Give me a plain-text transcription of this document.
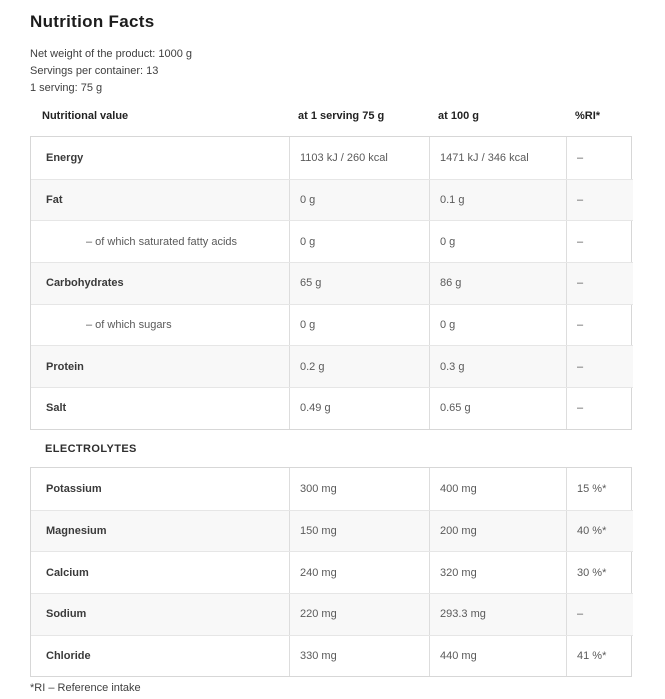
Nutrition Facts
Net weight of the product: 1000 g
Servings per container: 13
1 serving: 75 g
Nutritional value	at 1 serving 75 g	at 100 g	%RI*
Energy	1103 kJ / 260 kcal	1471 kJ / 346 kcal	–
Fat	0 g	0.1 g	–
– of which saturated fatty acids	0 g	0 g	–
Carbohydrates	65 g	86 g	–
– of which sugars	0 g	0 g	–
Protein	0.2 g	0.3 g	–
Salt	0.49 g	0.65 g	–
ELECTROLYTES
Potassium	300 mg	400 mg	15 %*
Magnesium	150 mg	200 mg	40 %*
Calcium	240 mg	320 mg	30 %*
Sodium	220 mg	293.3 mg	–
Chloride	330 mg	440 mg	41 %*
*RI – Reference intake
